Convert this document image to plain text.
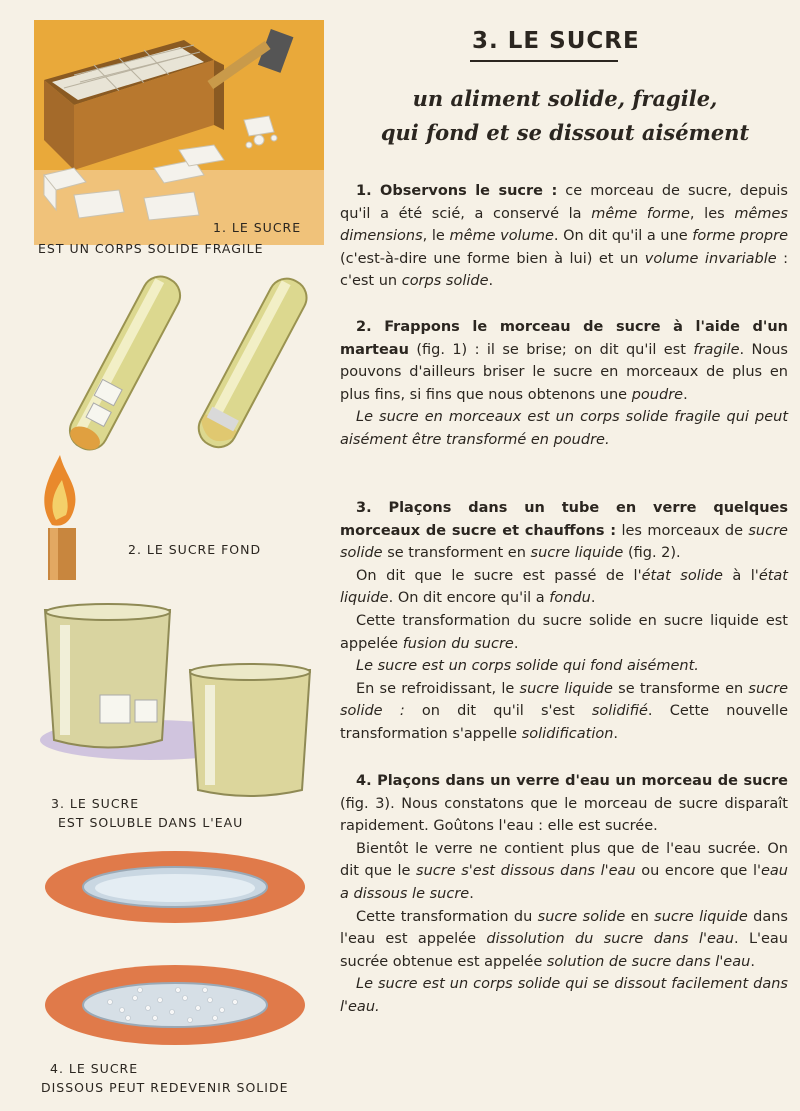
1. LE SUCRE
EST UN CORPS SOLIDE FRAGILE
2. LE SUCRE FOND
3. LE SUCRE
EST SOLUBLE DANS L'EAU
4. LE SUCRE
DISSOUS PEUT REDEVENIR SOLIDE
3. LE SUCRE
un aliment solide, fragile,
qui fond et se dissout aisément

1. Observons le sucre : ce morceau de sucre, depuis qu'il a été scié, a conservé la même forme, les mêmes dimensions, le même volume. On dit qu'il a une forme propre (c'est-à-dire une forme bien à lui) et un volume invariable : c'est un corps solide.

2. Frappons le morceau de sucre à l'aide d'un marteau (fig. 1) : il se brise; on dit qu'il est fragile. Nous pouvons d'ailleurs briser le sucre en morceaux de plus en plus fins, si fins que nous obtenons une poudre.

Le sucre en morceaux est un corps solide fragile qui peut aisément être transformé en poudre.

3. Plaçons dans un tube en verre quelques morceaux de sucre et chauffons : les morceaux de sucre solide se transforment en sucre liquide (fig. 2).

On dit que le sucre est passé de l'état solide à l'état liquide. On dit encore qu'il a fondu.

Cette transformation du sucre solide en sucre liquide est appelée fusion du sucre.

Le sucre est un corps solide qui fond aisément.

En se refroidissant, le sucre liquide se transforme en sucre solide : on dit qu'il s'est solidifié. Cette nouvelle transformation s'appelle solidification.

4. Plaçons dans un verre d'eau un morceau de sucre (fig. 3). Nous constatons que le morceau de sucre disparaît rapidement. Goûtons l'eau : elle est sucrée.

Bientôt le verre ne contient plus que de l'eau sucrée. On dit que le sucre s'est dissous dans l'eau ou encore que l'eau a dissous le sucre.

Cette transformation du sucre solide en sucre liquide dans l'eau est appelée dissolution du sucre dans l'eau. L'eau sucrée obtenue est appelée solution de sucre dans l'eau.

Le sucre est un corps solide qui se dissout facilement dans l'eau.
